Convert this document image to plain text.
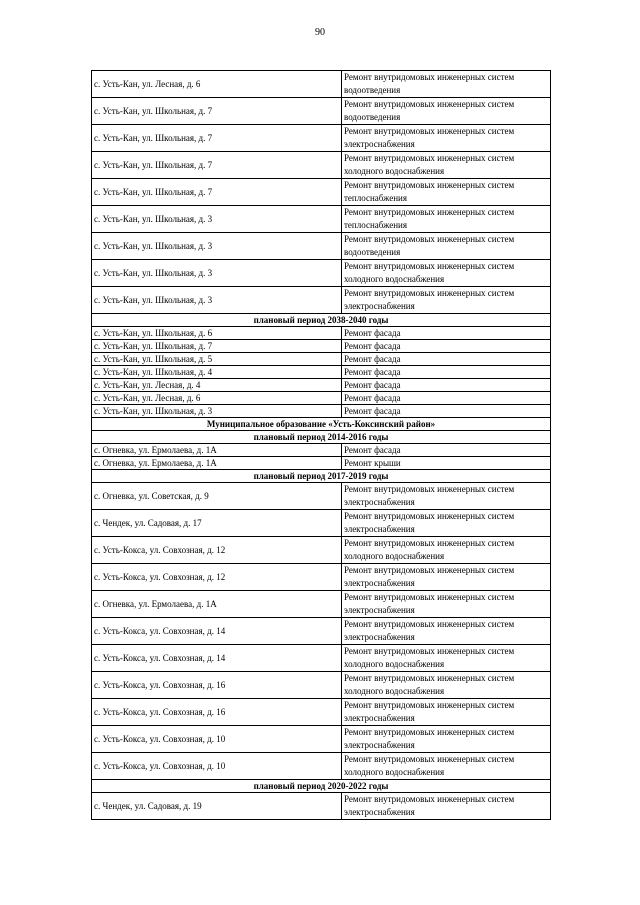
90
с. Усть-Кан, ул. Лесная, д. 6	Ремонт внутридомовых инженерных систем
водоотведения

с. Усть-Кан, ул. Школьная, д. 7	Ремонт внутридомовых инженерных систем
водоотведения

с. Усть-Кан, ул. Школьная, д. 7	Ремонт внутридомовых инженерных систем
электроснабжения

с. Усть-Кан, ул. Школьная, д. 7	Ремонт внутридомовых инженерных систем
холодного водоснабжения

с. Усть-Кан, ул. Школьная, д. 7	Ремонт внутридомовых инженерных систем
теплоснабжения

с. Усть-Кан, ул. Школьная, д. 3	Ремонт внутридомовых инженерных систем
теплоснабжения

с. Усть-Кан, ул. Школьная, д. 3	Ремонт внутридомовых инженерных систем
водоотведения

с. Усть-Кан, ул. Школьная, д. 3	Ремонт внутридомовых инженерных систем
холодного водоснабжения

с. Усть-Кан, ул. Школьная, д. 3	Ремонт внутридомовых инженерных систем
электроснабжения

плановый период 2038-2040 годы	
с. Усть-Кан, ул. Школьная, д. 6	Ремонт фасада

с. Усть-Кан, ул. Школьная, д. 7	Ремонт фасада

с. Усть-Кан, ул. Школьная, д. 5	Ремонт фасада

с. Усть-Кан, ул. Школьная, д. 4	Ремонт фасада

с. Усть-Кан, ул. Лесная, д. 4	Ремонт фасада

с. Усть-Кан, ул. Лесная, д. 6	Ремонт фасада

с. Усть-Кан, ул. Школьная, д. 3	Ремонт фасада

Муниципальное образование «Усть-Коксинский район»	
плановый период 2014-2016 годы	
с. Огневка, ул. Ермолаева, д. 1А	Ремонт фасада

с. Огневка, ул. Ермолаева, д. 1А	Ремонт крыши

плановый период 2017-2019 годы	
с. Огневка, ул. Советская, д. 9	Ремонт внутридомовых инженерных систем
электроснабжения

с. Чендек, ул. Садовая, д. 17	Ремонт внутридомовых инженерных систем
электроснабжения

с. Усть-Кокса, ул. Совхозная, д. 12	Ремонт внутридомовых инженерных систем
холодного водоснабжения

с. Усть-Кокса, ул. Совхозная, д. 12	Ремонт внутридомовых инженерных систем
электроснабжения

с. Огневка, ул. Ермолаева, д. 1А	Ремонт внутридомовых инженерных систем
электроснабжения

с. Усть-Кокса, ул. Совхозная, д. 14	Ремонт внутридомовых инженерных систем
электроснабжения

с. Усть-Кокса, ул. Совхозная, д. 14	Ремонт внутридомовых инженерных систем
холодного водоснабжения

с. Усть-Кокса, ул. Совхозная, д. 16	Ремонт внутридомовых инженерных систем
холодного водоснабжения

с. Усть-Кокса, ул. Совхозная, д. 16	Ремонт внутридомовых инженерных систем
электроснабжения

с. Усть-Кокса, ул. Совхозная, д. 10	Ремонт внутридомовых инженерных систем
электроснабжения

с. Усть-Кокса, ул. Совхозная, д. 10	Ремонт внутридомовых инженерных систем
холодного водоснабжения

плановый период 2020-2022 годы	
с. Чендек, ул. Садовая, д. 19	Ремонт внутридомовых инженерных систем
электроснабжения
